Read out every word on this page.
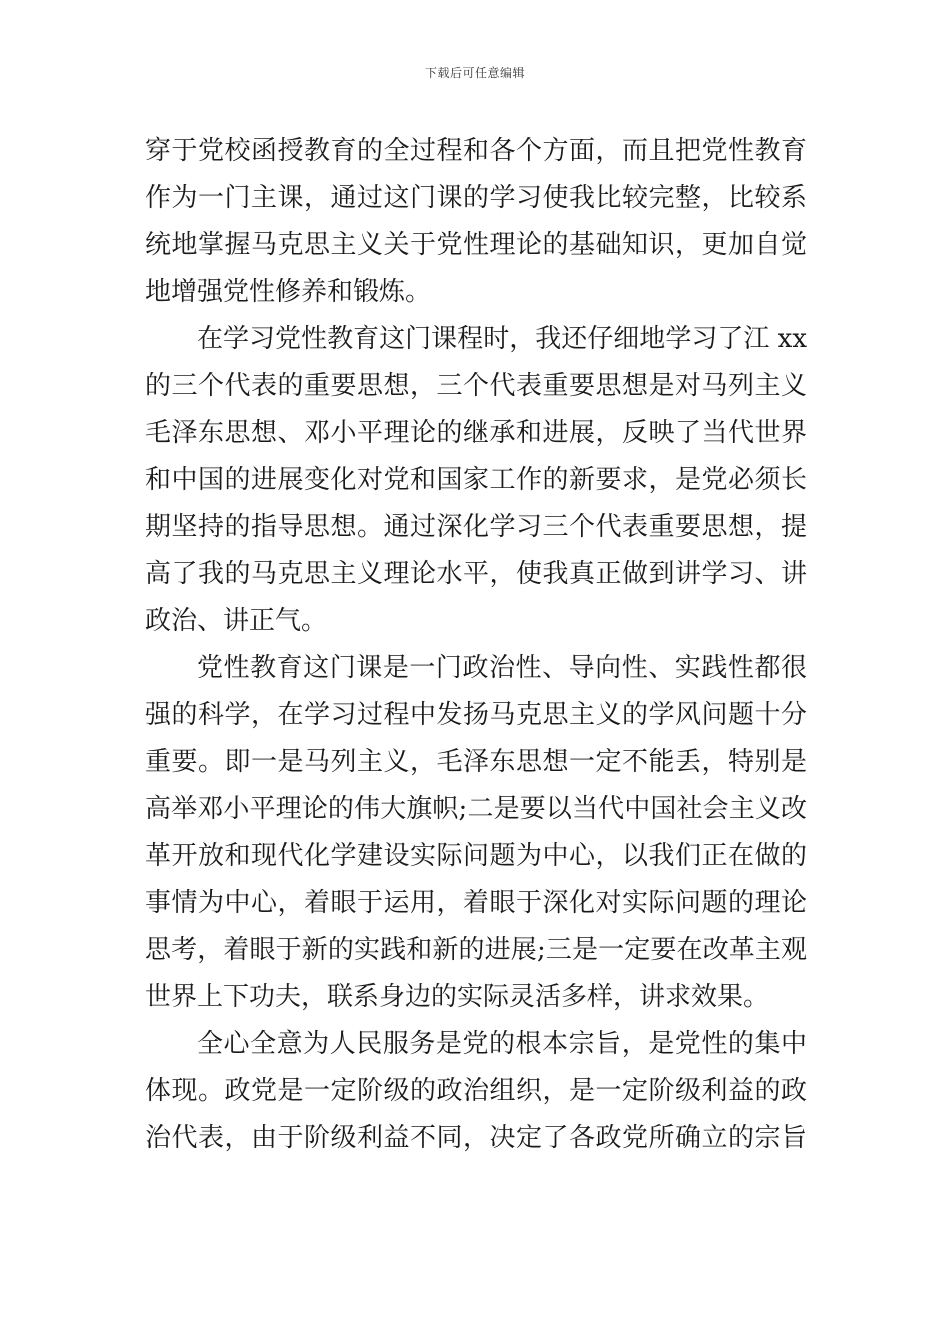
下载后可任意编辑
穿于党校函授教育的全过程和各个方面，而且把党性教育
作为一门主课，通过这门课的学习使我比较完整，比较系
统地掌握马克思主义关于党性理论的基础知识，更加自觉
地增强党性修养和锻炼。
在学习党性教育这门课程时，我还仔细地学习了江 xx
的三个代表的重要思想，三个代表重要思想是对马列主义
毛泽东思想、邓小平理论的继承和进展，反映了当代世界
和中国的进展变化对党和国家工作的新要求，是党必须长
期坚持的指导思想。通过深化学习三个代表重要思想，提
高了我的马克思主义理论水平，使我真正做到讲学习、讲
政治、讲正气。
党性教育这门课是一门政治性、导向性、实践性都很
强的科学，在学习过程中发扬马克思主义的学风问题十分
重要。即一是马列主义，毛泽东思想一定不能丢，特别是
高举邓小平理论的伟大旗帜;二是要以当代中国社会主义改
革开放和现代化学建设实际问题为中心，以我们正在做的
事情为中心，着眼于运用，着眼于深化对实际问题的理论
思考，着眼于新的实践和新的进展;三是一定要在改革主观
世界上下功夫，联系身边的实际灵活多样，讲求效果。
全心全意为人民服务是党的根本宗旨，是党性的集中
体现。政党是一定阶级的政治组织，是一定阶级利益的政
治代表，由于阶级利益不同，决定了各政党所确立的宗旨
